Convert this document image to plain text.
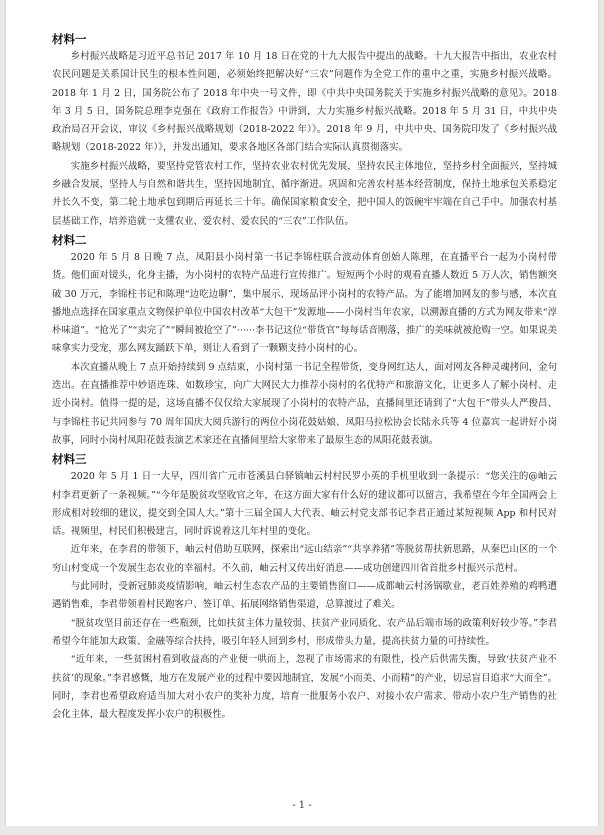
材料一

乡村振兴战略是习近平总书记 2017 年 10 月 18 日在党的十九大报告中提出的战略。十九大报告中指出，农业农村农民问题是关系国计民生的根本性问题，必须始终把解决好“三农”问题作为全党工作的重中之重，实施乡村振兴战略。2018 年 1 月 2 日，国务院公布了 2018 年中央一号文件，即《中共中央国务院关于实施乡村振兴战略的意见》。2018 年 3 月 5 日，国务院总理李克强在《政府工作报告》中讲到，大力实施乡村振兴战略。2018 年 5 月 31 日，中共中央政治局召开会议，审议《乡村振兴战略规划（2018-2022 年）》。2018 年 9 月，中共中央、国务院印发了《乡村振兴战略规划（2018-2022 年）》，并发出通知，要求各地区各部门结合实际认真贯彻落实。

实施乡村振兴战略，要坚持党管农村工作，坚持农业农村优先发展，坚持农民主体地位，坚持乡村全面振兴，坚持城乡融合发展，坚持人与自然和谐共生，坚持因地制宜、循序渐进。巩固和完善农村基本经营制度，保持土地承包关系稳定并长久不变，第二轮土地承包到期后再延长三十年。确保国家粮食安全，把中国人的饭碗牢牢端在自己手中。加强农村基层基础工作，培养造就一支懂农业、爱农村、爱农民的“三农”工作队伍。

材料二

2020 年 5 月 8 日晚 7 点，凤阳县小岗村第一书记李锦柱联合波动体育创始人陈理，在直播平台一起为小岗村带货。他们面对镜头，化身主播，为小岗村的农特产品进行宣传推广。短短两个小时的观看直播人数近 5 万人次，销售额突破 30 万元，李锦柱书记和陈理“边吃边聊”，集中展示、现场品评小岗村的农特产品。为了能增加网友的参与感，本次直播地点选择在国家重点文物保护单位中国农村改革“大包干”发源地——小岗村当年农家，以溯源直播的方式为网友带来“淳朴味道”。“抢光了”“卖完了”“瞬间被抢空了”······李书记这位“带货官”每每话音刚落，推广的美味就被抢购一空。如果说美味拿实力受宠，那么网友踊跃下单，则让人看到了一颗颗支持小岗村的心。

本次直播从晚上 7 点开始持续到 9 点结束，小岗村第一书记全程带货，变身网红达人，面对网友各种灵魂拷问，金句迭出。在直播推荐中妙语连珠、如数珍宝，向广大网民大力推荐小岗村的名优特产和旅游文化，让更多人了解小岗村、走近小岗村。值得一提的是，这场直播不仅仅给大家展现了小岗村的农特产品，直播间里还请到了“大包干”带头人严俊昌、与李锦柱书记共同参与 70 周年国庆大阅兵游行的两位小岗花鼓姑娘、凤阳马拉松协会长陆永兵等 4 位嘉宾一起讲好小岗故事，同时小岗村凤阳花鼓表演艺术家还在直播间里给大家带来了最原生态的凤阳花鼓表演。

材料三

2020 年 5 月 1 日一大早，四川省广元市苍溪县白驿镇岫云村村民罗小英的手机里收到一条提示：“您关注的@岫云村李君更新了一条视频。”“今年是脱贫攻坚收官之年，在这方面大家有什么好的建议都可以留言，我希望在今年全国两会上形成相对较细的建议，提交到全国人大。”第十三届全国人大代表、岫云村党支部书记李君正通过某短视频 App 和村民对话。视频里，村民们积极建言，同时诉说着这几年村里的变化。

近年来，在李君的带领下，岫云村借助互联网，探索出“远山结亲”“共享养猪”等脱贫帮扶新思路，从秦巴山区的一个穷山村变成一个发展生态农业的幸福村。不久前，岫云村又传出好消息——成功创建四川省首批乡村振兴示范村。

与此同时，受新冠肺炎疫情影响，岫云村生态农产品的主要销售窗口——成都岫云村汤锅歇业，老百姓养殖的鸡鸭遭遇销售难，李君带领着村民跑客户、签订单、拓展网络销售渠道，总算渡过了难关。

“脱贫攻坚目前还存在一些瓶颈，比如扶贫主体力量较弱、扶贫产业同质化、农产品后端市场的政策利好较少等。”李君希望今年能加大政策、金融等综合扶持，吸引年轻人回到乡村，形成带头力量，提高扶贫力量的可持续性。

“近年来，一些贫困村看到收益高的产业便一哄而上，忽视了市场需求的有限性，投产后供需失衡，导致‘扶贫产业不扶贫’的现象。”李君感慨，地方在发展产业的过程中要因地制宜，发展“小而美、小而精”的产业，切忌盲目追求“大而全”。同时，李君也希望政府适当加大对小农户的奖补力度，培育一批服务小农户、对接小农户需求、带动小农户生产销售的社会化主体，最大程度发挥小农户的积极性。

- 1 -
